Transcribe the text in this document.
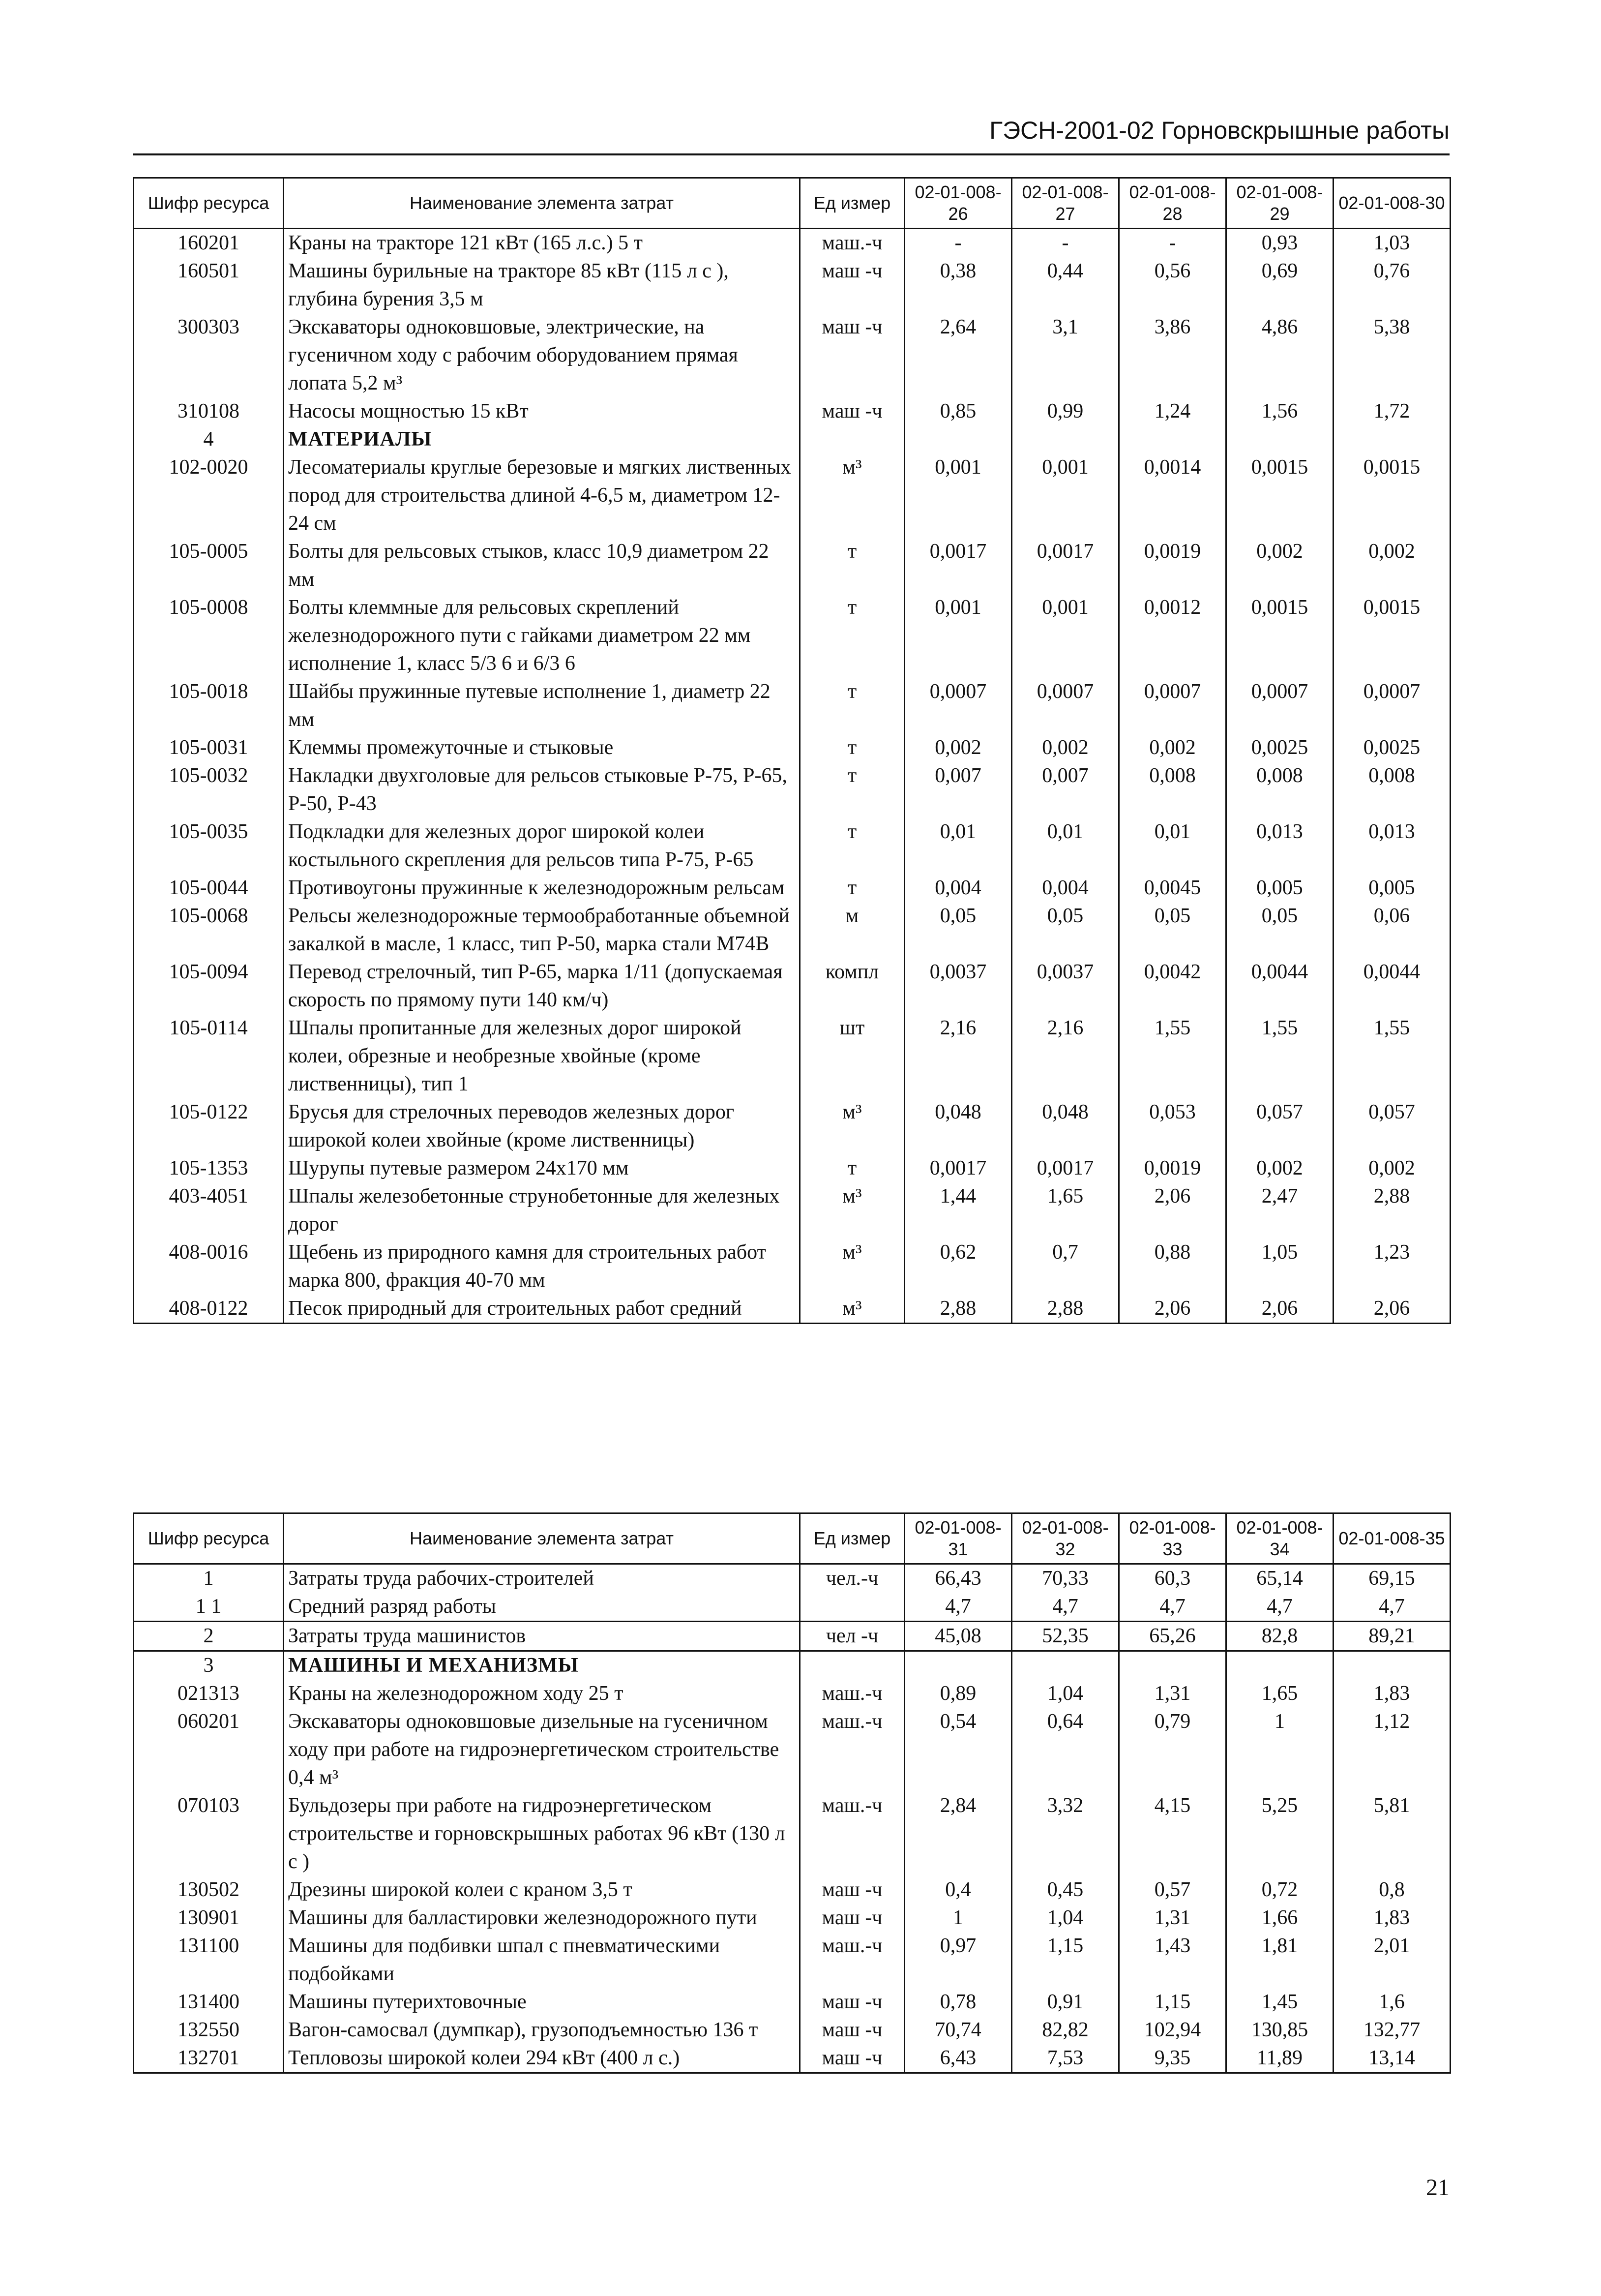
ГЭСН-2001-02 Горновскрышные работы
Шифр ресурса	Наименование элемента затрат	Ед измер	02-01-008-26	02-01-008-27	02-01-008-28	02-01-008-29	02-01-008-30
160201	Краны на тракторе 121 кВт (165 л.с.) 5 т	маш.-ч	-	-	-	0,93	1,03
160501	Машины бурильные на тракторе 85 кВт (115 л с ), глубина бурения 3,5 м	маш -ч	0,38	0,44	0,56	0,69	0,76
300303	Экскаваторы одноковшовые, электрические, на гусеничном ходу с рабочим оборудованием прямая лопата 5,2 м³	маш -ч	2,64	3,1	3,86	4,86	5,38
310108	Насосы мощностью 15 кВт	маш -ч	0,85	0,99	1,24	1,56	1,72
4	МАТЕРИАЛЫ						
102-0020	Лесоматериалы круглые березовые и мягких лиственных пород для строительства длиной 4-6,5 м, диаметром 12-24 см	м³	0,001	0,001	0,0014	0,0015	0,0015
105-0005	Болты для рельсовых стыков, класс 10,9 диаметром 22 мм	т	0,0017	0,0017	0,0019	0,002	0,002
105-0008	Болты клеммные для рельсовых скреплений железнодорожного пути с гайками диаметром 22 мм исполнение 1, класс 5/3 6 и 6/3 6	т	0,001	0,001	0,0012	0,0015	0,0015
105-0018	Шайбы пружинные путевые исполнение 1, диаметр 22 мм	т	0,0007	0,0007	0,0007	0,0007	0,0007
105-0031	Клеммы промежуточные и стыковые	т	0,002	0,002	0,002	0,0025	0,0025
105-0032	Накладки двухголовые для рельсов стыковые Р-75, Р-65, Р-50, Р-43	т	0,007	0,007	0,008	0,008	0,008
105-0035	Подкладки для железных дорог широкой колеи костыльного скрепления для рельсов типа Р-75, Р-65	т	0,01	0,01	0,01	0,013	0,013
105-0044	Противоугоны пружинные к железнодорожным рельсам	т	0,004	0,004	0,0045	0,005	0,005
105-0068	Рельсы железнодорожные термообработанные объемной закалкой в масле, 1 класс, тип Р-50, марка стали М74В	м	0,05	0,05	0,05	0,05	0,06
105-0094	Перевод стрелочный, тип Р-65, марка 1/11 (допускаемая скорость по прямому пути 140 км/ч)	компл	0,0037	0,0037	0,0042	0,0044	0,0044
105-0114	Шпалы пропитанные для железных дорог широкой колеи, обрезные и необрезные хвойные (кроме лиственницы), тип 1	шт	2,16	2,16	1,55	1,55	1,55
105-0122	Брусья для стрелочных переводов железных дорог широкой колеи хвойные (кроме лиственницы)	м³	0,048	0,048	0,053	0,057	0,057
105-1353	Шурупы путевые размером 24х170 мм	т	0,0017	0,0017	0,0019	0,002	0,002
403-4051	Шпалы железобетонные струнобетонные для железных дорог	м³	1,44	1,65	2,06	2,47	2,88
408-0016	Щебень из природного камня для строительных работ марка 800, фракция 40-70 мм	м³	0,62	0,7	0,88	1,05	1,23
408-0122	Песок природный для строительных работ средний	м³	2,88	2,88	2,06	2,06	2,06
Шифр ресурса	Наименование элемента затрат	Ед измер	02-01-008-31	02-01-008-32	02-01-008-33	02-01-008-34	02-01-008-35
1	Затраты труда рабочих-строителей	чел.-ч	66,43	70,33	60,3	65,14	69,15
1 1	Средний разряд работы		4,7	4,7	4,7	4,7	4,7
2	Затраты труда машинистов	чел -ч	45,08	52,35	65,26	82,8	89,21
3	МАШИНЫ И МЕХАНИЗМЫ						
021313	Краны на железнодорожном ходу 25 т	маш.-ч	0,89	1,04	1,31	1,65	1,83
060201	Экскаваторы одноковшовые дизельные на гусеничном ходу при работе на гидроэнергетическом строительстве 0,4 м³	маш.-ч	0,54	0,64	0,79	1	1,12
070103	Бульдозеры при работе на гидроэнергетическом строительстве и горновскрышных работах 96 кВт (130 л с )	маш.-ч	2,84	3,32	4,15	5,25	5,81
130502	Дрезины широкой колеи с краном 3,5 т	маш -ч	0,4	0,45	0,57	0,72	0,8
130901	Машины для балластировки железнодорожного пути	маш -ч	1	1,04	1,31	1,66	1,83
131100	Машины для подбивки шпал с пневматическими подбойками	маш.-ч	0,97	1,15	1,43	1,81	2,01
131400	Машины путерихтовочные	маш -ч	0,78	0,91	1,15	1,45	1,6
132550	Вагон-самосвал (думпкар), грузоподъемностью 136 т	маш -ч	70,74	82,82	102,94	130,85	132,77
132701	Тепловозы широкой колеи 294 кВт (400 л с.)	маш -ч	6,43	7,53	9,35	11,89	13,14
21
